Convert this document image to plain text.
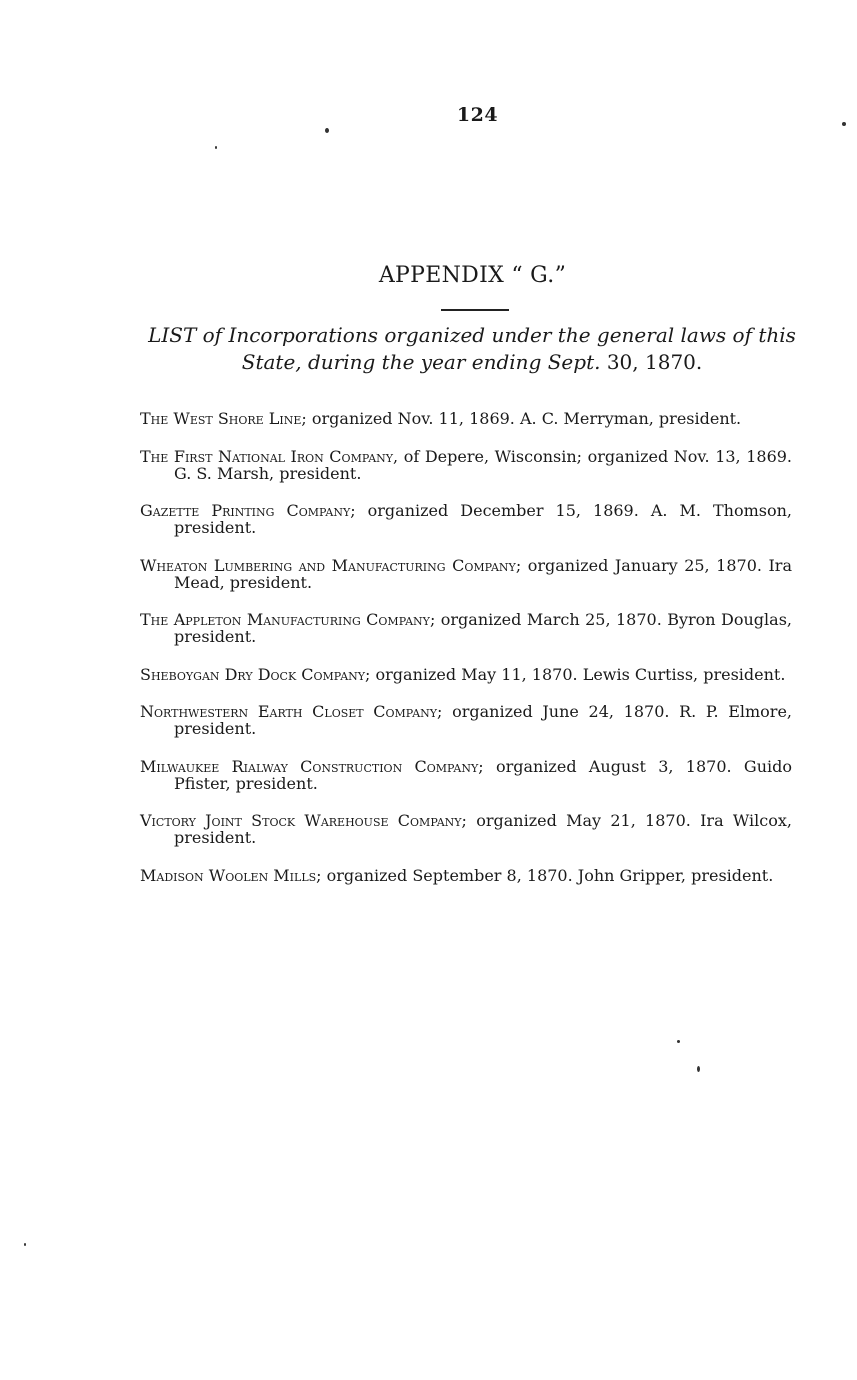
124
APPENDIX “ G.”
LIST of Incorporations organized under the general laws of this
State, during the year ending Sept. 30, 1870.

The West Shore Line; organized Nov. 11, 1869. A. C. Merryman, president.

The First National Iron Company, of Depere, Wisconsin; organized Nov. 13, 1869. G. S. Marsh, president.

Gazette Printing Company; organized December 15, 1869. A. M. Thomson, president.

Wheaton Lumbering and Manufacturing Company; organized January 25, 1870. Ira Mead, president.

The Appleton Manufacturing Company; organized March 25, 1870. Byron Douglas, president.

Sheboygan Dry Dock Company; organized May 11, 1870. Lewis Curtiss, president.

Northwestern Earth Closet Company; organized June 24, 1870. R. P. Elmore, president.

Milwaukee Rialway Construction Company; organized August 3, 1870. Guido Pfister, president.

Victory Joint Stock Warehouse Company; organized May 21, 1870. Ira Wilcox, president.

Madison Woolen Mills; organized September 8, 1870. John Gripper, president.
